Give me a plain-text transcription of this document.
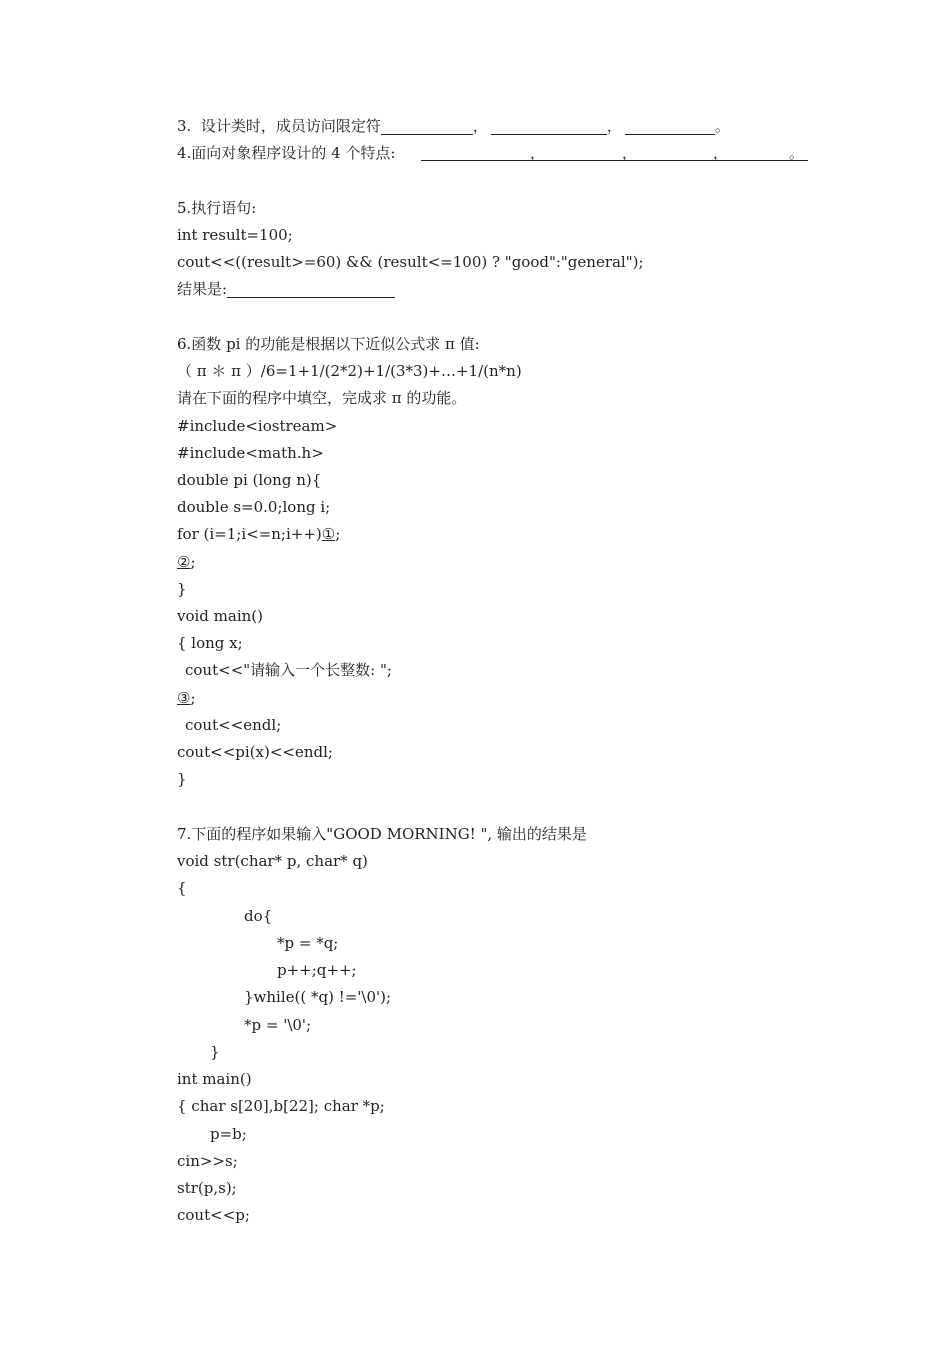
3.  设计类时，成员访问限定符	，	，	。
4.面向对象程序设计的 4 个特点:	，	，	，	。
5.执行语句:
int result=100;
cout<<((result>=60) && (result<=100) ? "good":"general");
结果是:
6.函数 pi 的功能是根据以下近似公式求 π 值:
（ π ＊ π ）/6=1+1/(2*2)+1/(3*3)+…+1/(n*n)
请在下面的程序中填空，完成求 π 的功能。
#include<iostream>
#include<math.h>
double pi (long n){
double s=0.0;long i;
for (i=1;i<=n;i++)①;
②;
}
void main()
{ long x;
cout<<"请输入一个长整数: ";
③;
cout<<endl;
cout<<pi(x)<<endl;
}
7.下面的程序如果输入"GOOD MORNING! ", 输出的结果是
void str(char* p, char* q)
{
do{
*p = *q;
p++;q++;
}while(( *q) !='\0');
*p = '\0';
}
int main()
{ char s[20],b[22]; char *p;
p=b;
cin>>s;
str(p,s);
cout<<p;
